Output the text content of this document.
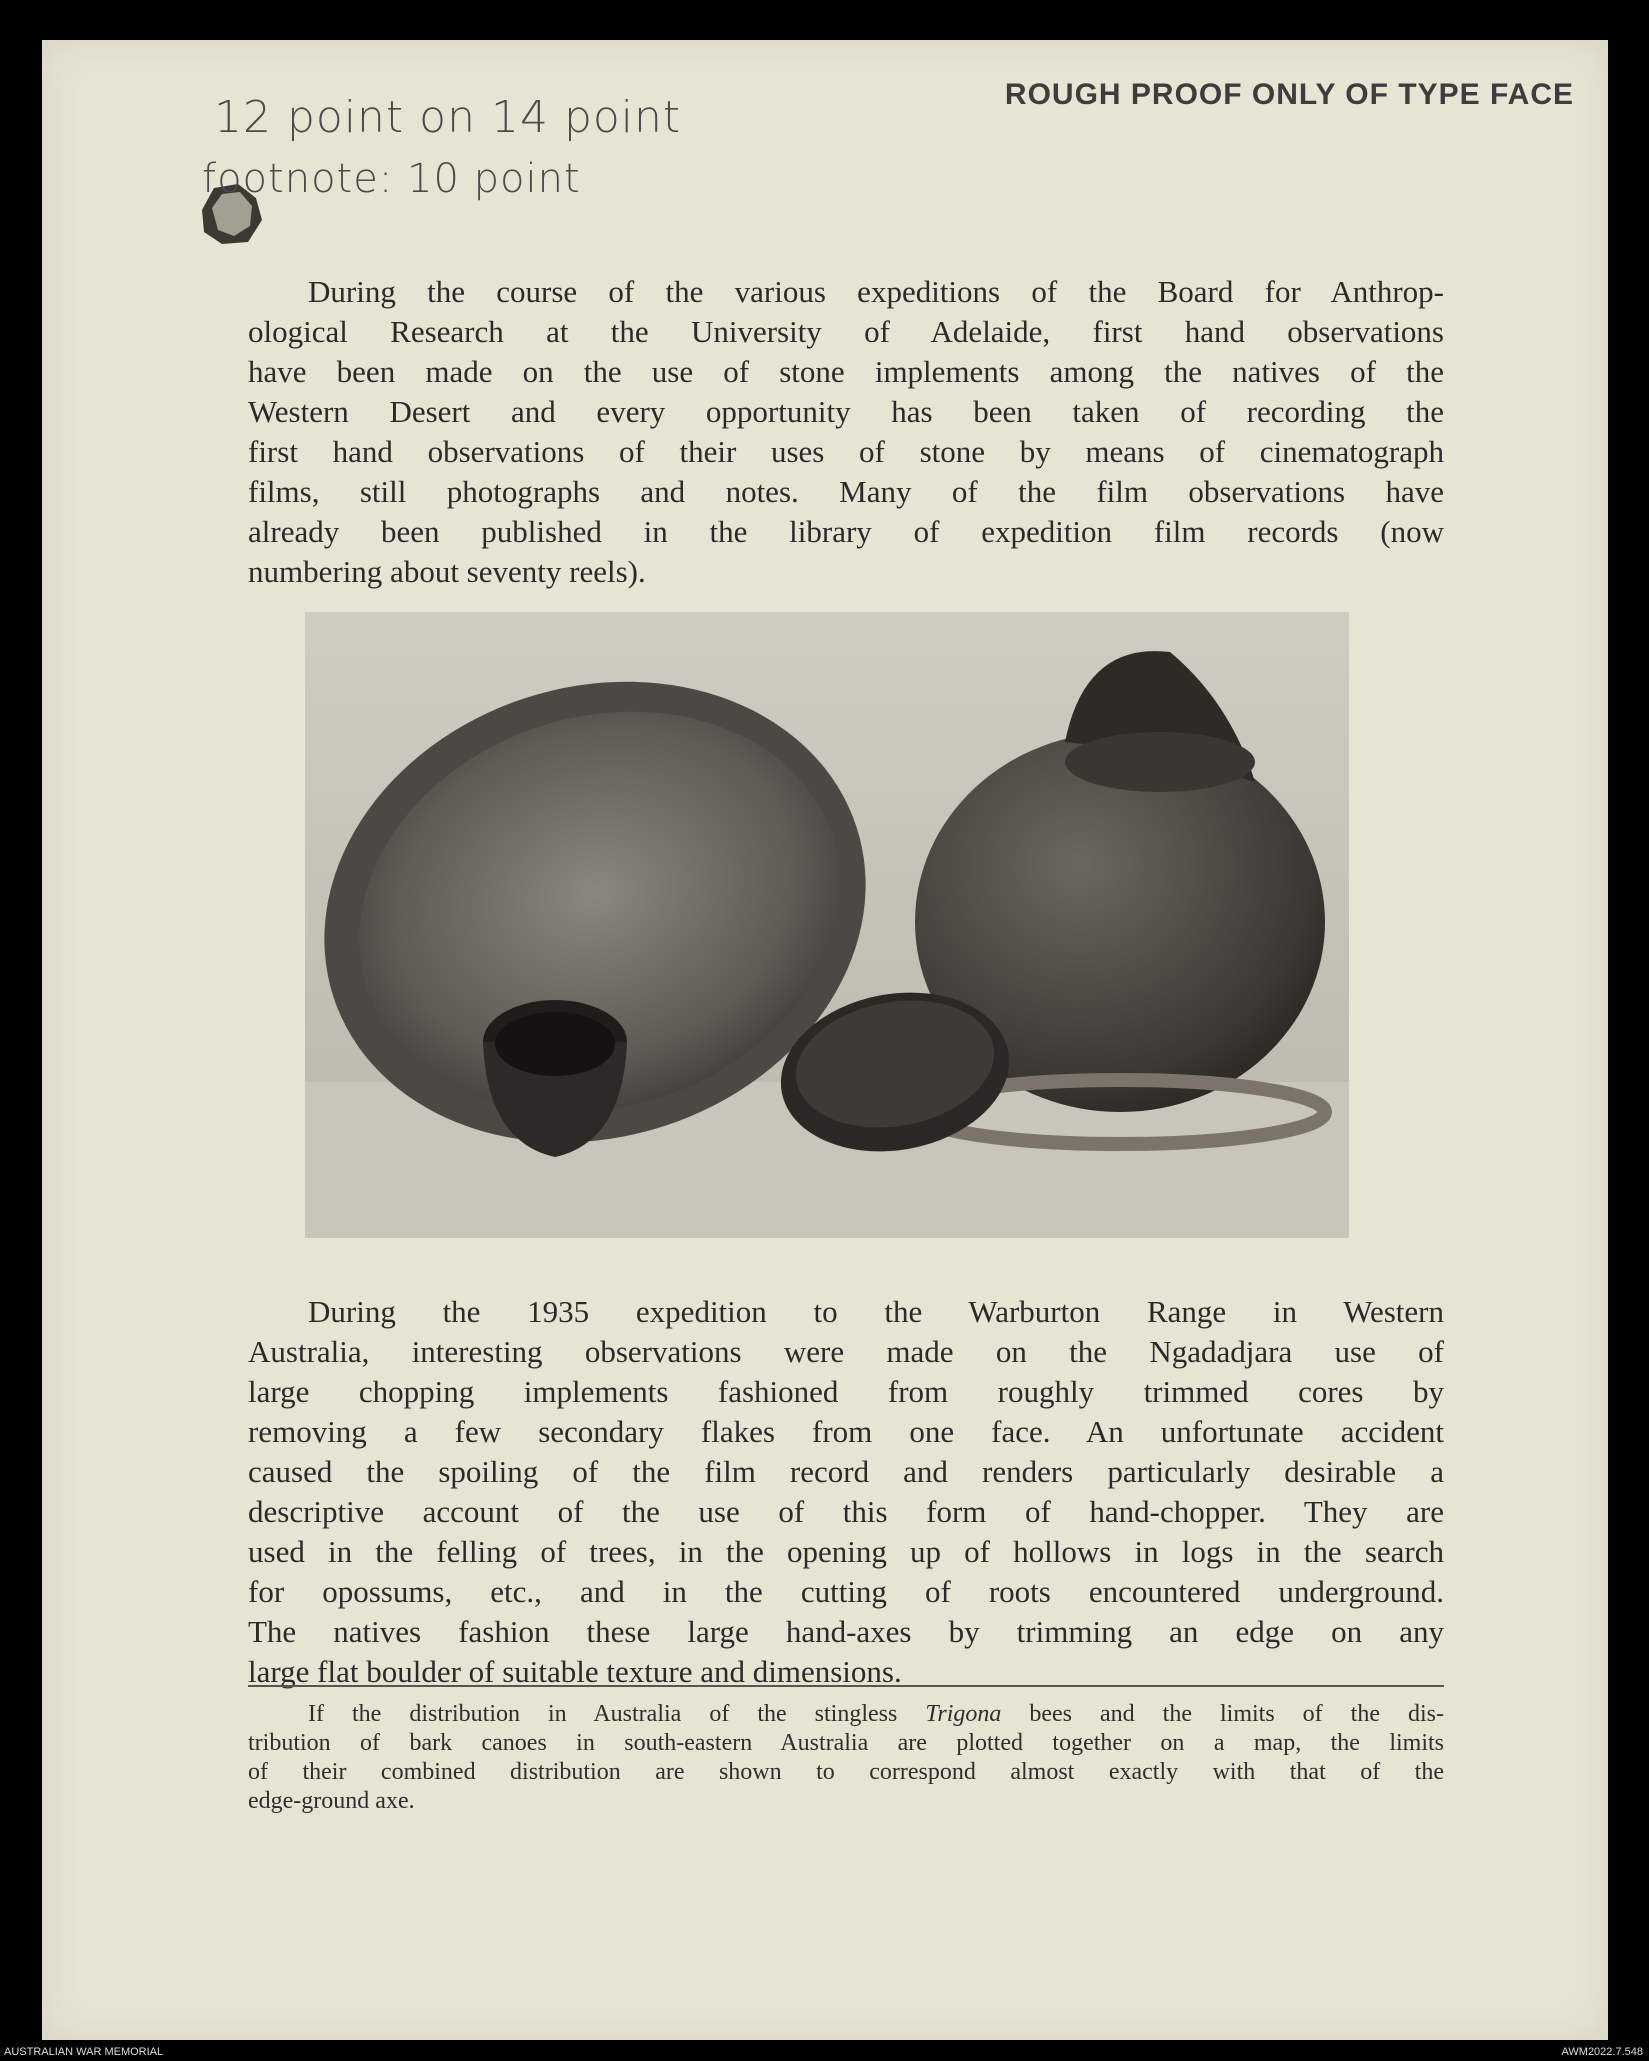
ROUGH PROOF ONLY OF TYPE FACE
12 point on 14 point
footnote: 10 point
During the course of the various expeditions of the Board for Anthrop-
ological Research at the University of Adelaide, first hand observations
have been made on the use of stone implements among the natives of the
Western Desert and every opportunity has been taken of recording the
first hand observations of their uses of stone by means of cinematograph
films, still photographs and notes. Many of the film observations have
already been published in the library of expedition film records (now
numbering about seventy reels).
During the 1935 expedition to the Warburton Range in Western
Australia, interesting observations were made on the Ngadadjara use of
large chopping implements fashioned from roughly trimmed cores by
removing a few secondary flakes from one face. An unfortunate accident
caused the spoiling of the film record and renders particularly desirable a
descriptive account of the use of this form of hand-chopper. They are
used in the felling of trees, in the opening up of hollows in logs in the search
for opossums, etc., and in the cutting of roots encountered underground.
The natives fashion these large hand-axes by trimming an edge on any
large flat boulder of suitable texture and dimensions.
If the distribution in Australia of the stingless Trigona bees and the limits of the dis-
tribution of bark canoes in south-eastern Australia are plotted together on a map, the limits
of their combined distribution are shown to correspond almost exactly with that of the
edge-ground axe.
AUSTRALIAN WAR MEMORIAL	AWM2022.7.548
